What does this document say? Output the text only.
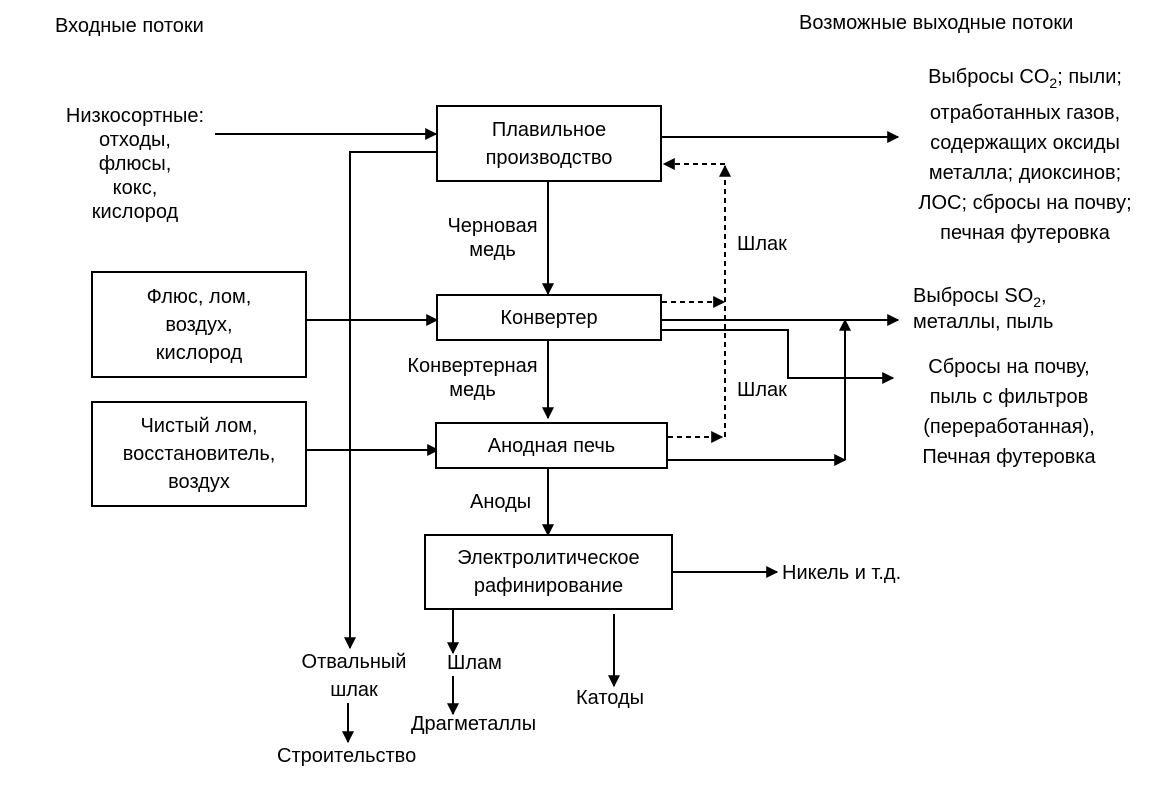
Входные потоки	Возможные выходные потоки
Низкосортные:
отходы,
флюсы,
кокс,
кислород
Флюс, лом,
воздух,
кислород
Чистый лом,
восстановитель,
воздух
Плавильное
производство
Конвертер
Анодная печь
Электролитическое
рафинирование
Черновая
медь
Конвертерная
медь
Аноды
Шлак
Шлак
Выбросы $CO_2$; пыли;
отработанных газов,
содержащих оксиды
металла; диоксинов;
ЛОС; сбросы на почву;
печная футеровка
Выбросы $SO_2$,
металлы, пыль
Сбросы на почву,
пыль с фильтров
(переработанная),
Печная футеровка
Никель и т.д.
Отвальный
шлак
Строительство
Шлам
Драгметаллы
Катоды
